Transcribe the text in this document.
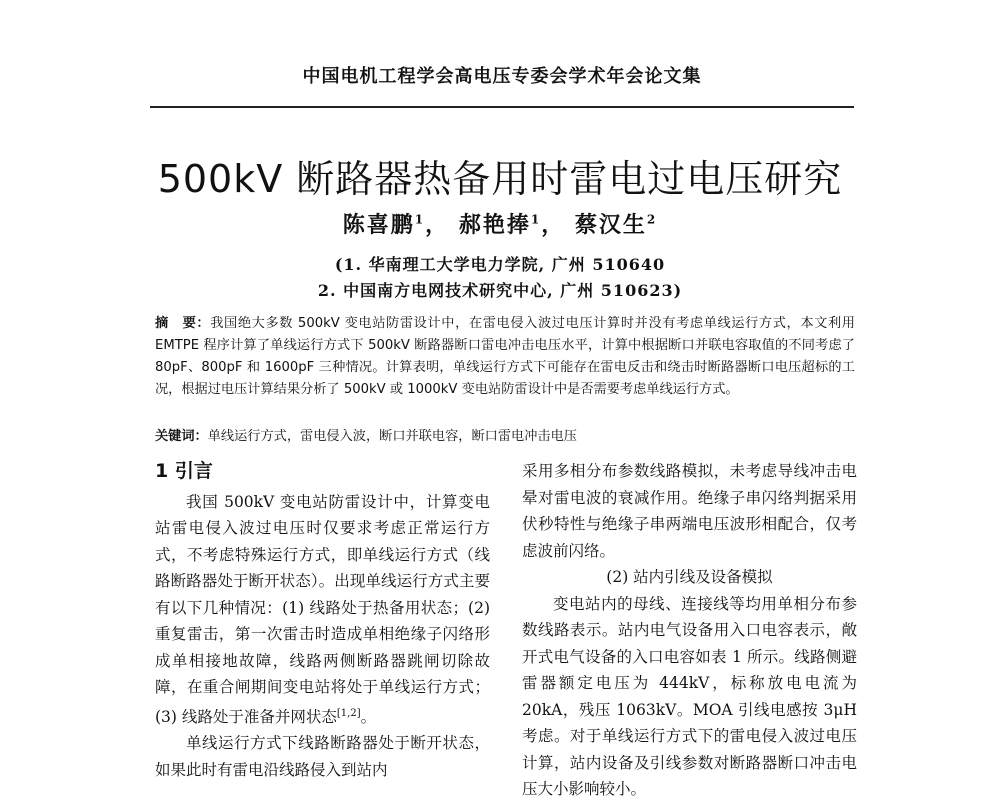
中国电机工程学会高电压专委会学术年会论文集
500kV 断路器热备用时雷电过电压研究
陈喜鹏$^1$， 郝艳捧$^1$， 蔡汉生$^2$
(1. 华南理工大学电力学院, 广州 510640
2. 中国南方电网技术研究中心, 广州 510623)
摘　要：我国绝大多数 500kV 变电站防雷设计中，在雷电侵入波过电压计算时并没有考虑单线运行方式，本文利用 EMTPE 程序计算了单线运行方式下 500kV 断路器断口雷电冲击电压水平，计算中根据断口并联电容取值的不同考虑了 80pF、800pF 和 1600pF 三种情况。计算表明，单线运行方式下可能存在雷电反击和绕击时断路器断口电压超标的工况，根据过电压计算结果分析了 500kV 或 1000kV 变电站防雷设计中是否需要考虑单线运行方式。
关键词：单线运行方式，雷电侵入波，断口并联电容，断口雷电冲击电压
1 引言

我国 500kV 变电站防雷设计中，计算变电站雷电侵入波过电压时仅要求考虑正常运行方式，不考虑特殊运行方式，即单线运行方式（线路断路器处于断开状态）。出现单线运行方式主要有以下几种情况：(1) 线路处于热备用状态；(2) 重复雷击，第一次雷击时造成单相绝缘子闪络形成单相接地故障，线路两侧断路器跳闸切除故障，在重合闸期间变电站将处于单线运行方式；(3) 线路处于准备并网状态[1,2]。

单线运行方式下线路断路器处于断开状态，如果此时有雷电沿线路侵入到站内

采用多相分布参数线路模拟，未考虑导线冲击电晕对雷电波的衰减作用。绝缘子串闪络判据采用伏秒特性与绝缘子串两端电压波形相配合，仅考虑波前闪络。

(2) 站内引线及设备模拟

变电站内的母线、连接线等均用单相分布参数线路表示。站内电气设备用入口电容表示，敞开式电气设备的入口电容如表 1 所示。线路侧避雷器额定电压为 444kV，标称放电电流为 20kA，残压 1063kV。MOA 引线电感按 3μH考虑。对于单线运行方式下的雷电侵入波过电压计算，站内设备及引线参数对断路器断口冲击电压大小影响较小。
